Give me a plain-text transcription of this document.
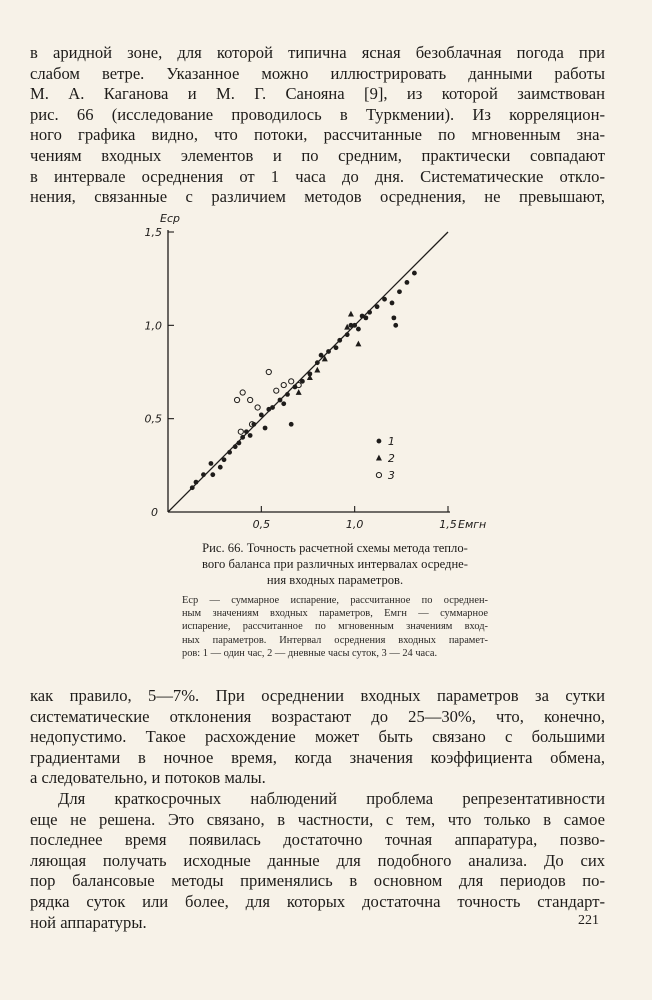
в аридной зоне, для которой типична ясная безоблачная погода при
слабом ветре. Указанное можно иллюстрировать данными работы
М. А. Каганова и М. Г. Санояна [9], из которой заимствован
рис. 66 (исследование проводилось в Туркмении). Из корреляцион-
ного графика видно, что потоки, рассчитанные по мгновенным зна-
чениям входных элементов и по средним, практически совпадают
в интервале осреднения от 1 часа до дня. Систематические откло-
нения, связанные с различием методов осреднения, не превышают,
0,5
0,5
1,0
1,0
1,5
1,5
0
Eср
Eмгн
1
2
3

Рис. 66. Точность расчетной схемы метода тепло-
вого баланса при различных интервалах осредне-
ния входных параметров.

Eср — суммарное испарение, рассчитанное по осреднен-
ным значениям входных параметров, Eмгн — суммарное
испарение, рассчитанное по мгновенным значениям вход-
ных параметров. Интервал осреднения входных парамет-
ров: 1 — один час, 2 — дневные часы суток, 3 — 24 часа.

как правило, 5—7%. При осреднении входных параметров за сутки
систематические отклонения возрастают до 25—30%, что, конечно,
недопустимо. Такое расхождение может быть связано с большими
градиентами в ночное время, когда значения коэффициента обмена,
а следовательно, и потоков малы.
Для краткосрочных наблюдений проблема репрезентативности
еще не решена. Это связано, в частности, с тем, что только в самое
последнее время появилась достаточно точная аппаратура, позво-
ляющая получать исходные данные для подобного анализа. До сих
пор балансовые методы применялись в основном для периодов по-
рядка суток или более, для которых достаточна точность стандарт-
ной аппаратуры.	221
